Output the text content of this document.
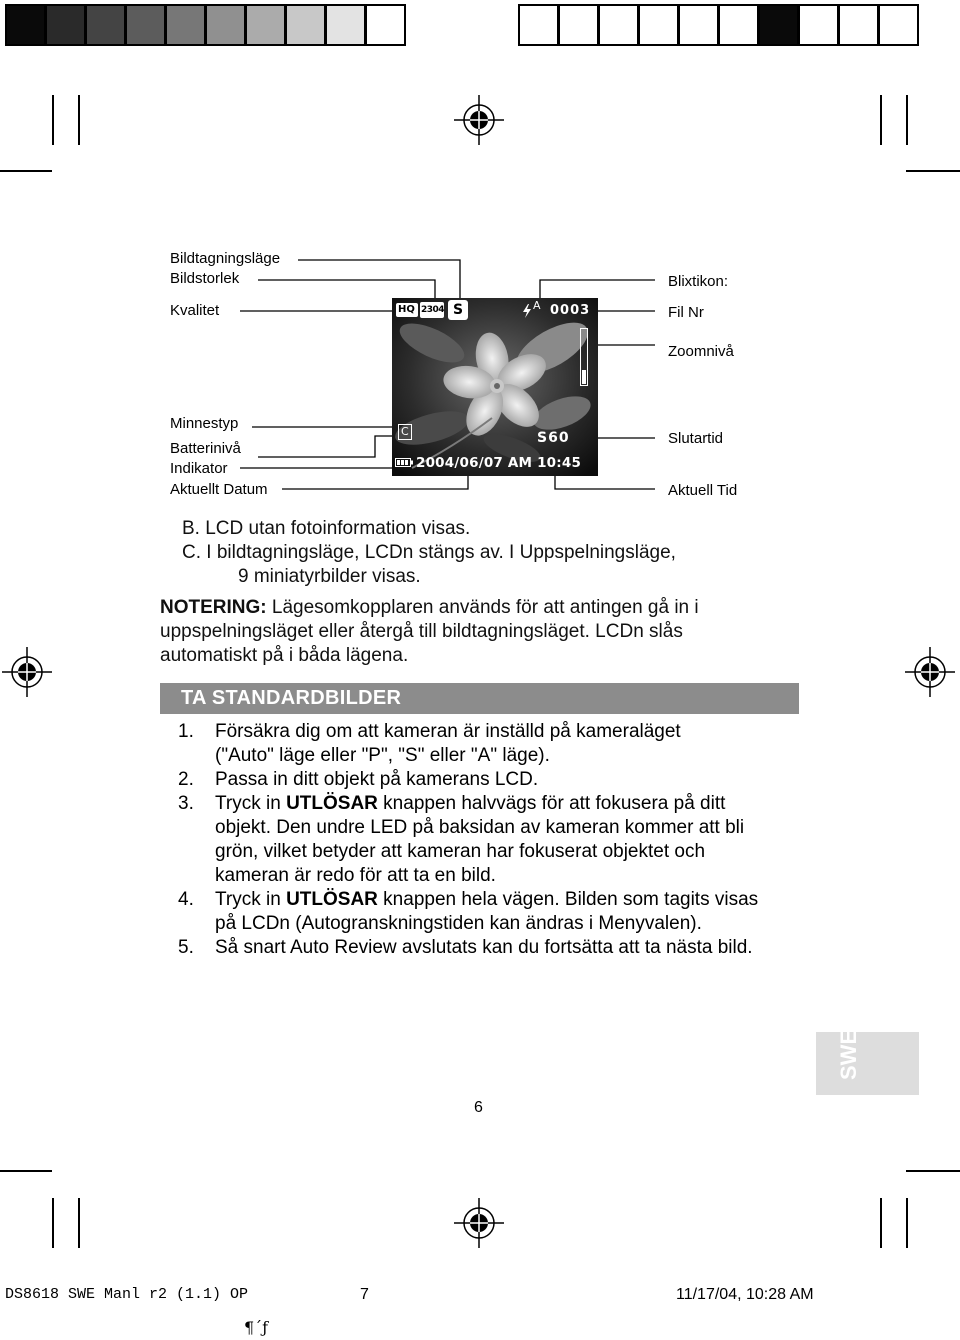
Bildtagningsläge
Bildstorlek
Kvalitet
Minnestyp
Batterinivå
Indikator
Aktuellt Datum
Blixtikon:
Fil Nr
Zoomnivå
Slutartid
Aktuell Tid
HQ 2304 S	A 0003
C	S60
2004/06/07 AM 10:45
B. LCD utan fotoinformation visas.
C. I bildtagningsläge, LCDn stängs av. I Uppspelningsläge,
9 miniatyrbilder visas.
NOTERING: Lägesomkopplaren används för att antingen gå in i
uppspelningsläget eller återgå till bildtagningsläget. LCDn slås
automatiskt på i båda lägena.
TA STANDARDBILDER
1. Försäkra dig om att kameran är inställd på kameraläget
("Auto" läge eller "P", "S" eller "A" läge).
2. Passa in ditt objekt på kamerans LCD.
3. Tryck in UTLÖSAR knappen halvvägs för att fokusera på ditt
objekt. Den undre LED på baksidan av kameran kommer att bli
grön, vilket betyder att kameran har fokuserat objektet och
kameran är redo för att ta en bild.
4. Tryck in UTLÖSAR knappen hela vägen. Bilden som tagits visas
på LCDn (Autogranskningstiden kan ändras i Menyvalen).
5. Så snart Auto Review avslutats kan du fortsätta att ta nästa bild.
SWE
6
DS8618 SWE Manl r2 (1.1) OP	7	11/17/04, 10:28 AM
¶´ƒ
